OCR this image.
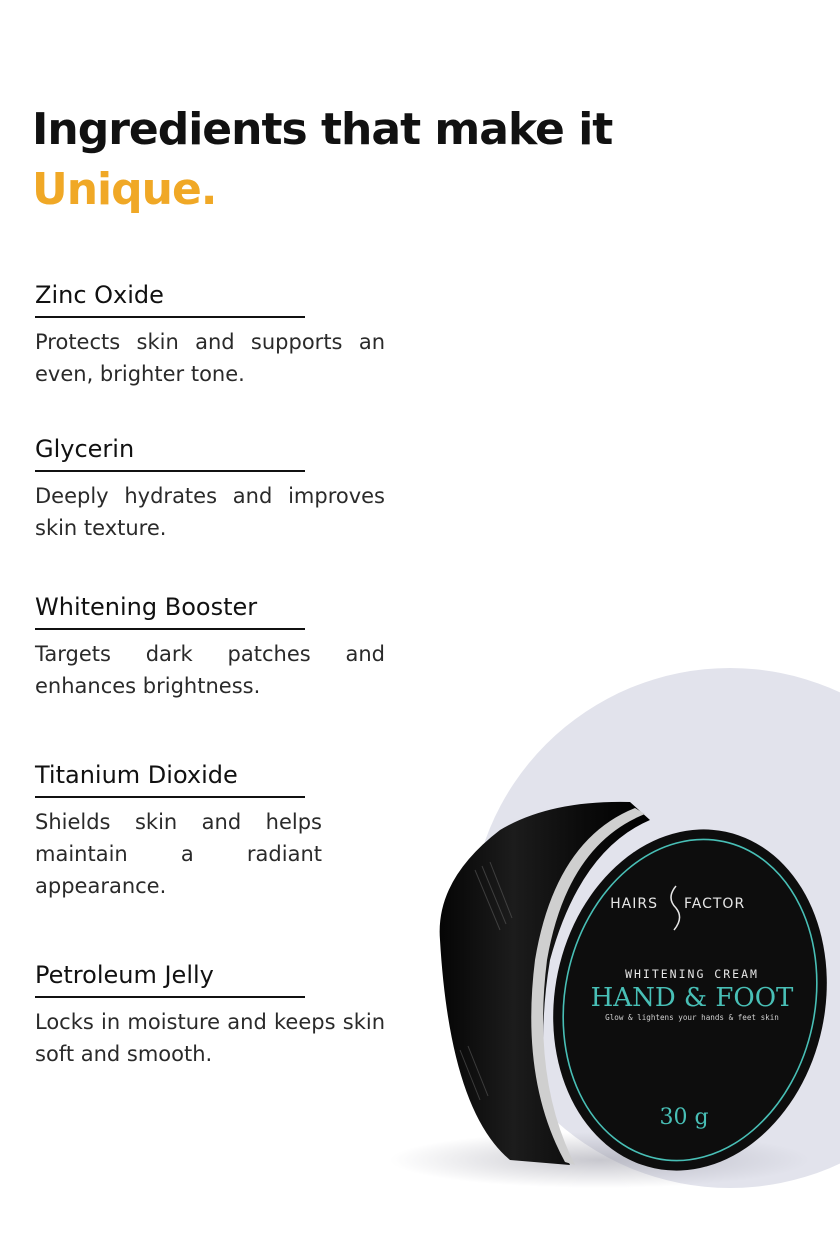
Ingredients that make it
Unique.
Zinc Oxide
Protects skin and supports an even, brighter tone.
Glycerin
Deeply hydrates and improves skin texture.
Whitening Booster
Targets dark patches and enhances brightness.
Titanium Dioxide
Shields skin and helps maintain a radiant appearance.
Petroleum Jelly
Locks in moisture and keeps skin soft and smooth.
HAIRS FACTOR
WHITENING CREAM
HAND & FOOT
Glow & lightens your hands & feet skin
30 g
